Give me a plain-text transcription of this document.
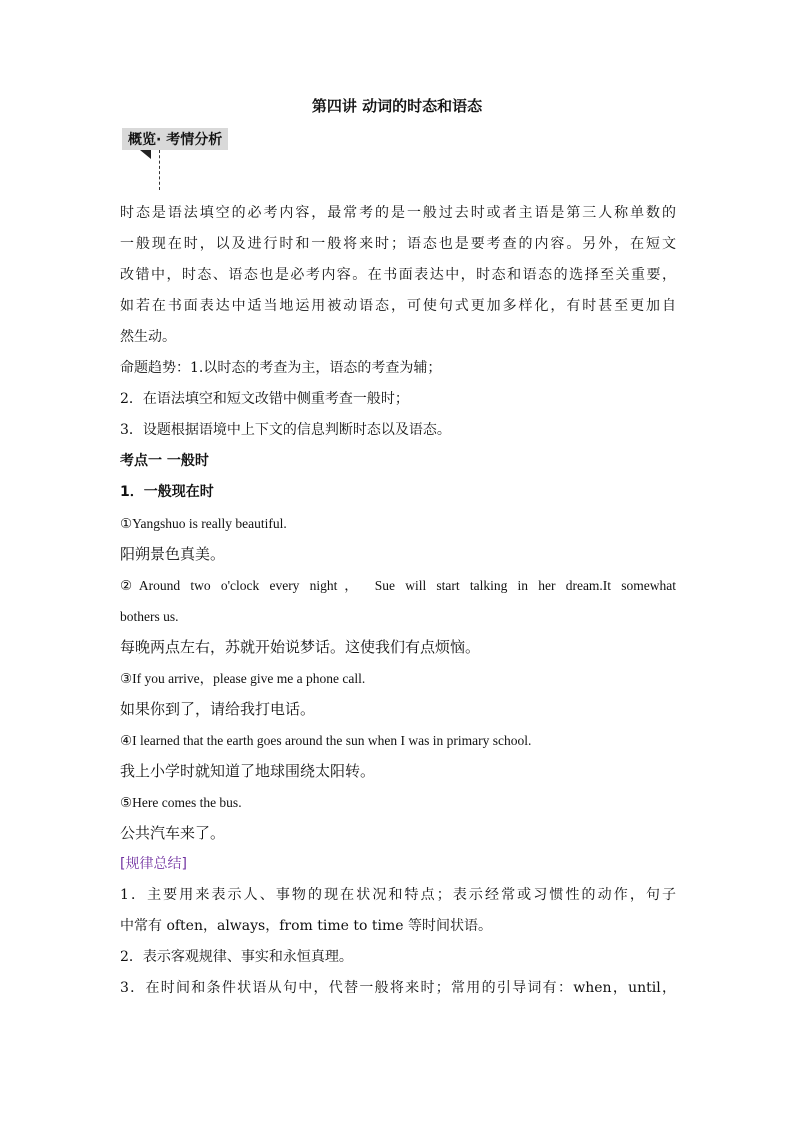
第四讲 动词的时态和语态
概览· 考情分析
时态是语法填空的必考内容，最常考的是一般过去时或者主语是第三人称单数的
一般现在时，以及进行时和一般将来时；语态也是要考查的内容。另外，在短文
改错中，时态、语态也是必考内容。在书面表达中，时态和语态的选择至关重要，
如若在书面表达中适当地运用被动语态，可使句式更加多样化，有时甚至更加自
然生动。
命题趋势：1.以时态的考查为主，语态的考查为辅；
2．在语法填空和短文改错中侧重考查一般时；
3．设题根据语境中上下文的信息判断时态以及语态。
考点一 一般时
1．一般现在时
①Yangshuo is really beautiful.
阳朔景色真美。
②Around two o'clock every night， Sue will start talking in her dream.It somewhat
bothers us.
每晚两点左右，苏就开始说梦话。这使我们有点烦恼。
③If you arrive，please give me a phone call.
如果你到了，请给我打电话。
④I learned that the earth goes around the sun when I was in primary school.
我上小学时就知道了地球围绕太阳转。
⑤Here comes the bus.
公共汽车来了。
[规律总结]
1．主要用来表示人、事物的现在状况和特点；表示经常或习惯性的动作，句子
中常有 often，always，from time to time 等时间状语。
2．表示客观规律、事实和永恒真理。
3．在时间和条件状语从句中，代替一般将来时；常用的引导词有：when，until，
